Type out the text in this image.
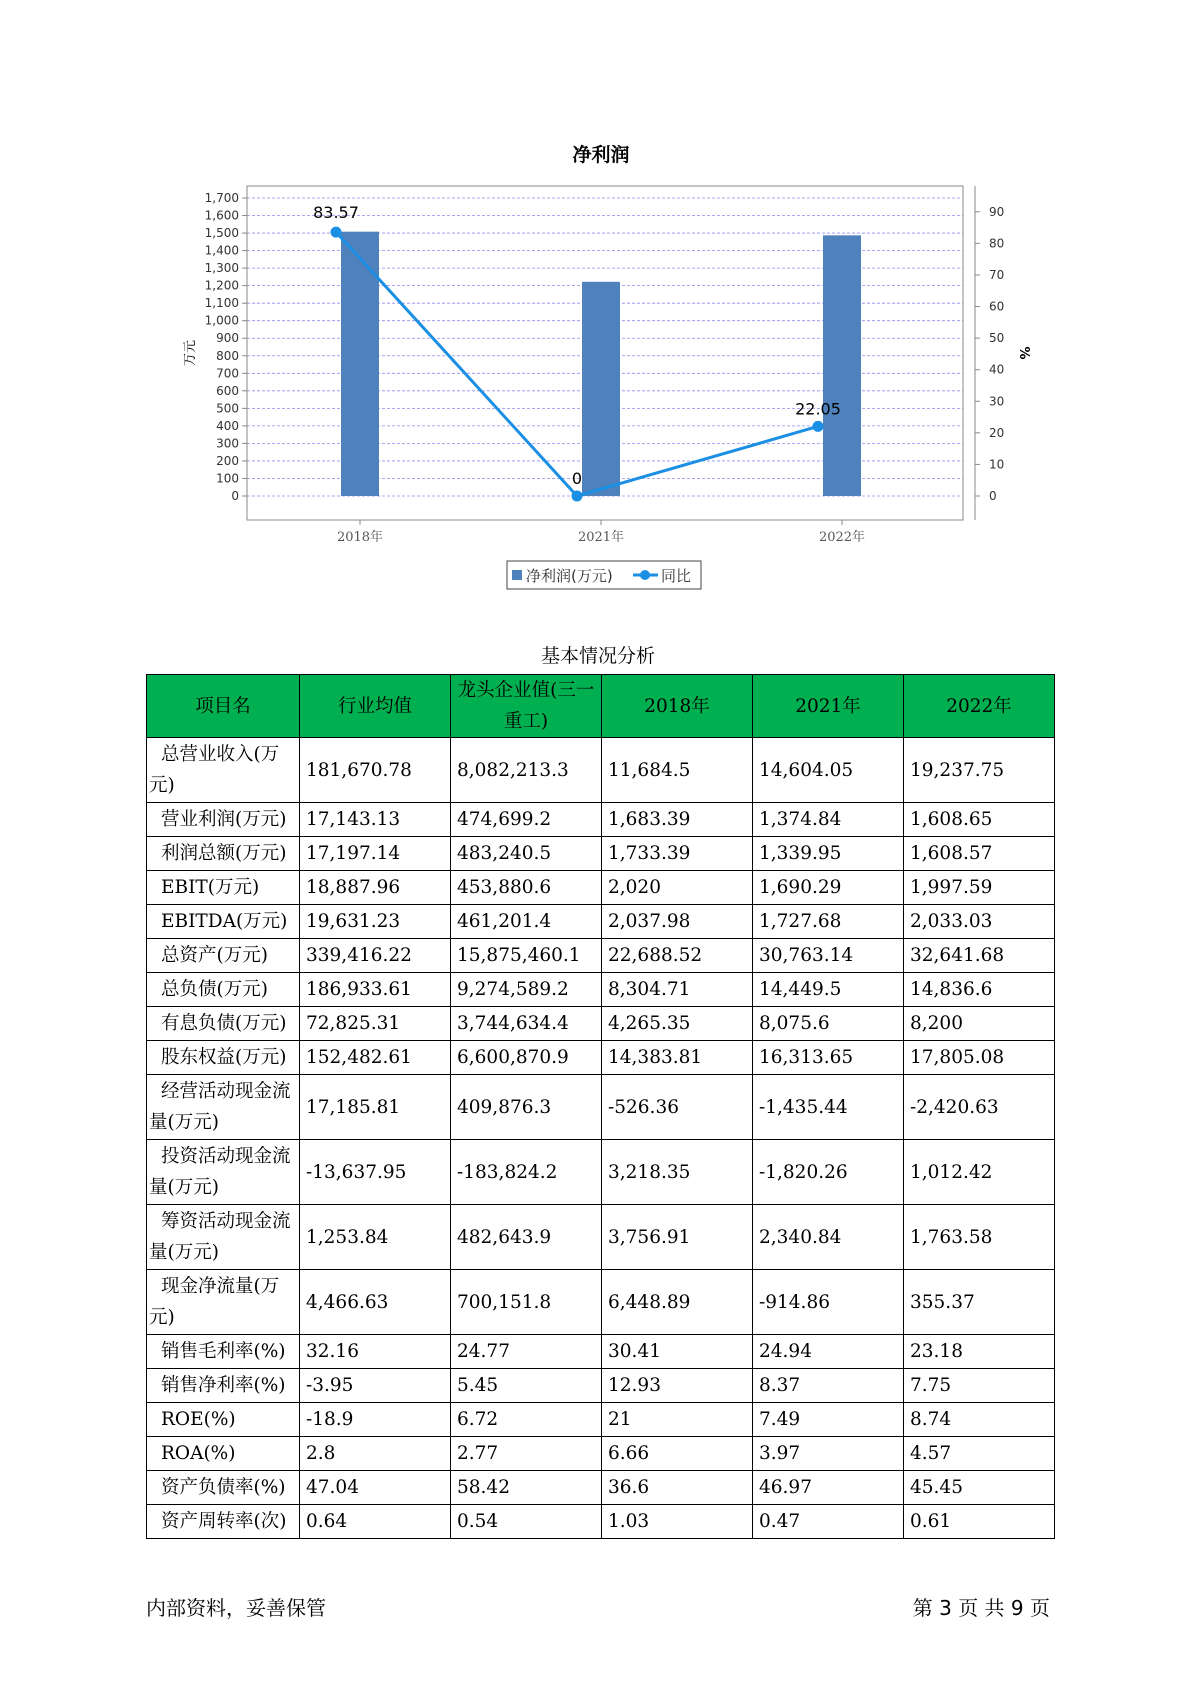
净利润
万元	%
0
100
200
300
400
500
600
700
800
900
1,000
1,100
1,200
1,300
1,400
1,500
1,600
1,700
0
10
20
30
40
50
60
70
80
90
2018年	2021年	2022年
83.57
0
22.05
净利润(万元)	同比
基本情况分析
项目名	行业均值	龙头企业值(三一重工)	2018年	2021年	2022年
总营业收入(万元)	181,670.78	8,082,213.3	11,684.5	14,604.05	19,237.75
营业利润(万元)	17,143.13	474,699.2	1,683.39	1,374.84	1,608.65
利润总额(万元)	17,197.14	483,240.5	1,733.39	1,339.95	1,608.57
EBIT(万元)	18,887.96	453,880.6	2,020	1,690.29	1,997.59
EBITDA(万元)	19,631.23	461,201.4	2,037.98	1,727.68	2,033.03
总资产(万元)	339,416.22	15,875,460.1	22,688.52	30,763.14	32,641.68
总负债(万元)	186,933.61	9,274,589.2	8,304.71	14,449.5	14,836.6
有息负债(万元)	72,825.31	3,744,634.4	4,265.35	8,075.6	8,200
股东权益(万元)	152,482.61	6,600,870.9	14,383.81	16,313.65	17,805.08
经营活动现金流量(万元)	17,185.81	409,876.3	-526.36	-1,435.44	-2,420.63
投资活动现金流量(万元)	-13,637.95	-183,824.2	3,218.35	-1,820.26	1,012.42
筹资活动现金流量(万元)	1,253.84	482,643.9	3,756.91	2,340.84	1,763.58
现金净流量(万元)	4,466.63	700,151.8	6,448.89	-914.86	355.37
销售毛利率(%)	32.16	24.77	30.41	24.94	23.18
销售净利率(%)	-3.95	5.45	12.93	8.37	7.75
ROE(%)	-18.9	6.72	21	7.49	8.74
ROA(%)	2.8	2.77	6.66	3.97	4.57
资产负债率(%)	47.04	58.42	36.6	46.97	45.45
资产周转率(次)	0.64	0.54	1.03	0.47	0.61
内部资料，妥善保管	第 3 页 共 9 页
